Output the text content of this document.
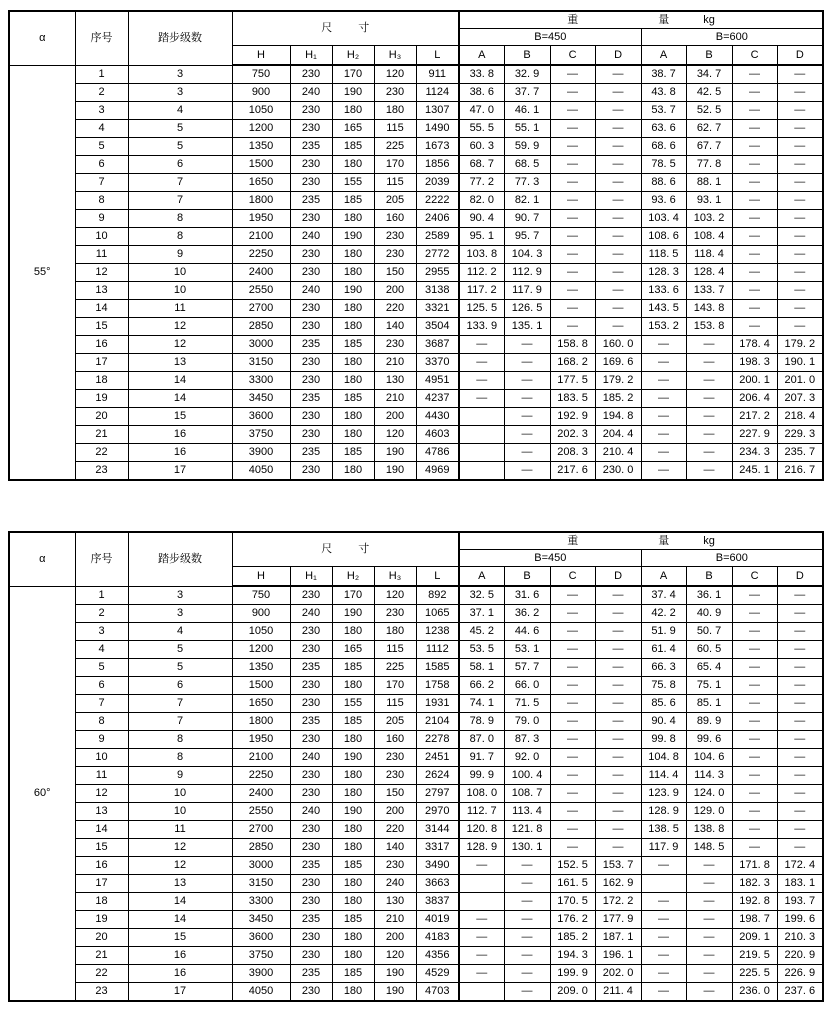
α	序号	踏步级数	尺 寸					重 量 kg							
								B=450				B=600			
			H	H₁	H₂	H₃	L	A	B	C	D	A	B	C	D
55°	1	3	750	230	170	120	911	33. 8	32. 9	—	—	38. 7	34. 7	—	—
	2	3	900	240	190	230	1124	38. 6	37. 7	—	—	43. 8	42. 5	—	—
	3	4	1050	230	180	180	1307	47. 0	46. 1	—	—	53. 7	52. 5	—	—
	4	5	1200	230	165	115	1490	55. 5	55. 1	—	—	63. 6	62. 7	—	—
	5	5	1350	235	185	225	1673	60. 3	59. 9	—	—	68. 6	67. 7	—	—
	6	6	1500	230	180	170	1856	68. 7	68. 5	—	—	78. 5	77. 8	—	—
	7	7	1650	230	155	115	2039	77. 2	77. 3	—	—	88. 6	88. 1	—	—
	8	7	1800	235	185	205	2222	82. 0	82. 1	—	—	93. 6	93. 1	—	—
	9	8	1950	230	180	160	2406	90. 4	90. 7	—	—	103. 4	103. 2	—	—
	10	8	2100	240	190	230	2589	95. 1	95. 7	—	—	108. 6	108. 4	—	—
	11	9	2250	230	180	230	2772	103. 8	104. 3	—	—	118. 5	118. 4	—	—
	12	10	2400	230	180	150	2955	112. 2	112. 9	—	—	128. 3	128. 4	—	—
	13	10	2550	240	190	200	3138	117. 2	117. 9	—	—	133. 6	133. 7	—	—
	14	11	2700	230	180	220	3321	125. 5	126. 5	—	—	143. 5	143. 8	—	—
	15	12	2850	230	180	140	3504	133. 9	135. 1	—	—	153. 2	153. 8	—	—
	16	12	3000	235	185	230	3687	—	—	158. 8	160. 0	—	—	178. 4	179. 2
	17	13	3150	230	180	210	3370	—	—	168. 2	169. 6	—	—	198. 3	190. 1
	18	14	3300	230	180	130	4951	—	—	177. 5	179. 2	—	—	200. 1	201. 0
	19	14	3450	235	185	210	4237	—	—	183. 5	185. 2	—	—	206. 4	207. 3
	20	15	3600	230	180	200	4430		—	192. 9	194. 8	—	—	217. 2	218. 4
	21	16	3750	230	180	120	4603		—	202. 3	204. 4	—	—	227. 9	229. 3
	22	16	3900	235	185	190	4786		—	208. 3	210. 4	—	—	234. 3	235. 7
	23	17	4050	230	180	190	4969		—	217. 6	230. 0	—	—	245. 1	216. 7
α	序号	踏步级数	尺 寸					重 量 kg							
								B=450				B=600			
			H	H₁	H₂	H₃	L	A	B	C	D	A	B	C	D
60°	1	3	750	230	170	120	892	32. 5	31. 6	—	—	37. 4	36. 1	—	—
	2	3	900	240	190	230	1065	37. 1	36. 2	—	—	42. 2	40. 9	—	—
	3	4	1050	230	180	180	1238	45. 2	44. 6	—	—	51. 9	50. 7	—	—
	4	5	1200	230	165	115	1112	53. 5	53. 1	—	—	61. 4	60. 5	—	—
	5	5	1350	235	185	225	1585	58. 1	57. 7	—	—	66. 3	65. 4	—	—
	6	6	1500	230	180	170	1758	66. 2	66. 0	—	—	75. 8	75. 1	—	—
	7	7	1650	230	155	115	1931	74. 1	71. 5	—	—	85. 6	85. 1	—	—
	8	7	1800	235	185	205	2104	78. 9	79. 0	—	—	90. 4	89. 9	—	—
	9	8	1950	230	180	160	2278	87. 0	87. 3	—	—	99. 8	99. 6	—	—
	10	8	2100	240	190	230	2451	91. 7	92. 0	—	—	104. 8	104. 6	—	—
	11	9	2250	230	180	230	2624	99. 9	100. 4	—	—	114. 4	114. 3	—	—
	12	10	2400	230	180	150	2797	108. 0	108. 7	—	—	123. 9	124. 0	—	—
	13	10	2550	240	190	200	2970	112. 7	113. 4	—	—	128. 9	129. 0	—	—
	14	11	2700	230	180	220	3144	120. 8	121. 8	—	—	138. 5	138. 8	—	—
	15	12	2850	230	180	140	3317	128. 9	130. 1	—	—	117. 9	148. 5	—	—
	16	12	3000	235	185	230	3490	—	—	152. 5	153. 7	—	—	171. 8	172. 4
	17	13	3150	230	180	240	3663		—	161. 5	162. 9		—	182. 3	183. 1
	18	14	3300	230	180	130	3837		—	170. 5	172. 2	—	—	192. 8	193. 7
	19	14	3450	235	185	210	4019	—	—	176. 2	177. 9	—	—	198. 7	199. 6
	20	15	3600	230	180	200	4183	—	—	185. 2	187. 1	—	—	209. 1	210. 3
	21	16	3750	230	180	120	4356	—	—	194. 3	196. 1	—	—	219. 5	220. 9
	22	16	3900	235	185	190	4529	—	—	199. 9	202. 0	—	—	225. 5	226. 9
	23	17	4050	230	180	190	4703		—	209. 0	211. 4	—	—	236. 0	237. 6
